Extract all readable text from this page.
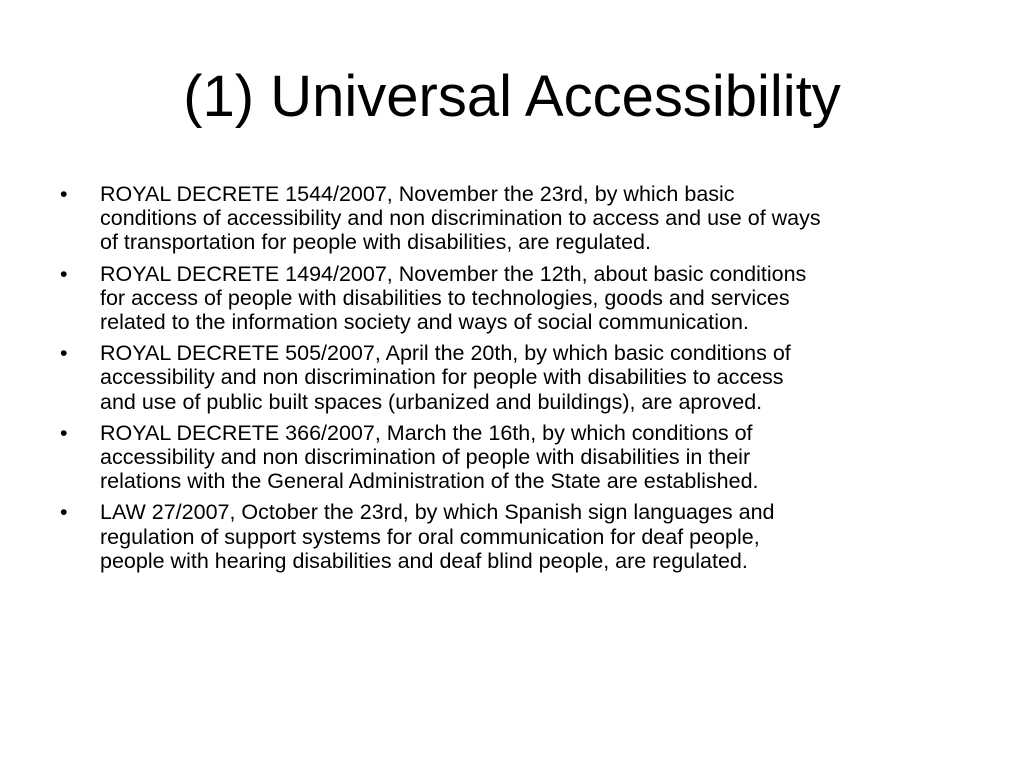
(1) Universal Accessibility
• ROYAL DECRETE 1544/2007, November the 23rd, by which basic
conditions of accessibility and non discrimination to access and use of ways
of transportation for people with disabilities, are regulated.
• ROYAL DECRETE 1494/2007, November the 12th, about basic conditions
for access of people with disabilities to technologies, goods and services
related to the information society and ways of social communication.
• ROYAL DECRETE 505/2007, April the 20th, by which basic conditions of
accessibility and non discrimination for people with disabilities to access
and use of public built spaces (urbanized and buildings), are aproved.
• ROYAL DECRETE 366/2007, March the 16th, by which conditions of
accessibility and non discrimination of people with disabilities in their
relations with the General Administration of the State are established.
• LAW 27/2007, October the 23rd, by which Spanish sign languages and
regulation of support systems for oral communication for deaf people,
people with hearing disabilities and deaf blind people, are regulated.
